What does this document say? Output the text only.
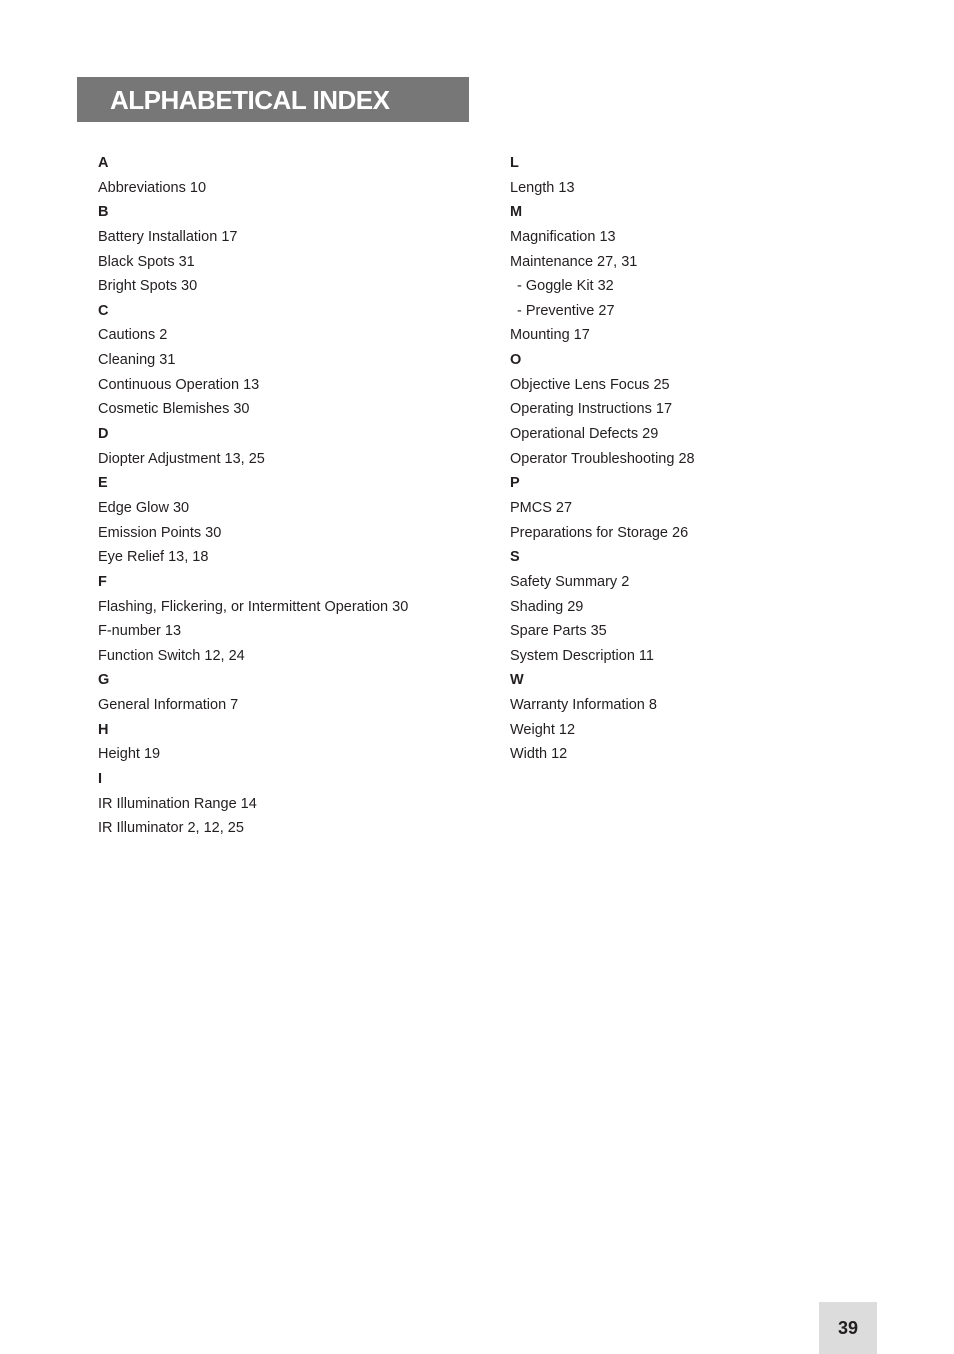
ALPHABETICAL INDEX
A
Abbreviations 10
B
Battery Installation 17
Black Spots 31
Bright Spots 30
C
Cautions 2
Cleaning 31
Continuous Operation 13
Cosmetic Blemishes 30
D
Diopter Adjustment 13, 25
E
Edge Glow 30
Emission Points 30
Eye Relief 13, 18
F
Flashing, Flickering, or Intermittent Operation 30
F-number 13
Function Switch 12, 24
G
General Information 7
H
Height 19
I
IR Illumination Range 14
IR Illuminator 2, 12, 25
L
Length 13
M
Magnification 13
Maintenance 27, 31
- Goggle Kit 32
- Preventive 27
Mounting 17
O
Objective Lens Focus 25
Operating Instructions 17
Operational Defects 29
Operator Troubleshooting 28
P
PMCS 27
Preparations for Storage 26
S
Safety Summary 2
Shading 29
Spare Parts 35
System Description 11
W
Warranty Information 8
Weight 12
Width 12
39
